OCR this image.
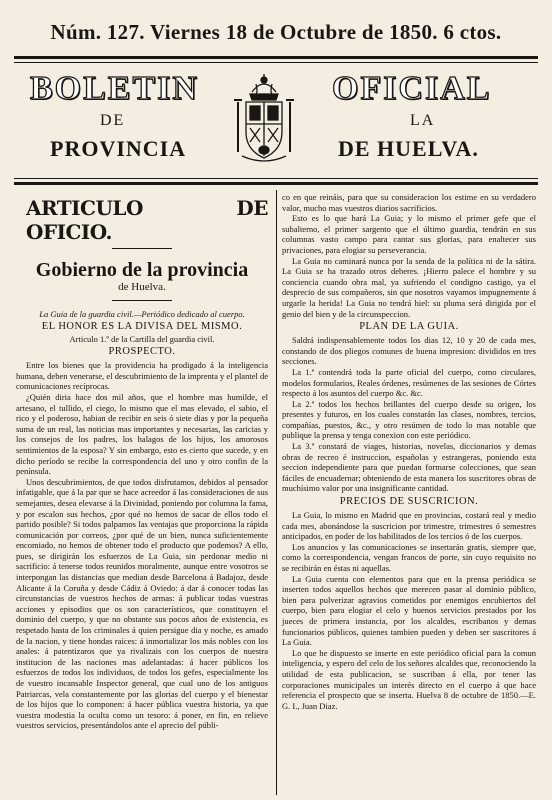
Núm. 127. Viernes 18 de Octubre de 1850. 6 ctos.
BOLETIN	OFICIAL
DE	LA
PROVINCIA	DE HUELVA.
ARTICULO DE OFICIO.
Gobierno de la provincia
de Huelva.

La Guia de la guardia civil.—Periódico dedicado al cuerpo.

EL HONOR ES LA DIVISA DEL MISMO.

Articulo 1.º de la Cartilla del guardia civil.

PROSPECTO.

Entre los bienes que la providencia ha prodigado á la inteligencia humana, deben venerarse, el descubrimiento de la imprenta y el plantel de comunicaciones recíprocas.

¿Quién diria hace dos mil años, que el hombre mas humilde, el artesano, el tullido, el ciego, lo mismo que el mas elevado, el sabio, el rico y el poderoso, habian de recibir en seis ó siete dias y por la pequeña suma de un real, las noticias mas importantes y necesarias, las caricias y los consejos de los padres, los halagos de los hijos, los amorosos sentimientos de la esposa? Y sin embargo, esto es cierto que sucede, y en dicho período se recibe la correspondencia del uno y otro confin de la península.

Unos descubrimientos, de que todos disfrutamos, debidos al pensador infatigable, que á la par que se hace acreedor á las consideraciones de sus semejantes, desea elevarse á la Divinidad, poniendo por columna la fama, y por escalon sus hechos, ¿por qué no hemos de sacar de ellos todo el partido posible? Si todos palpamos las ventajas que proporciona la rápida comunicación por correos, ¿por qué de un bien, nunca suficientemente encomiado, no hemos de obtener todo el producto que podemos? A ello, pues, se dirigirán los esfuerzos de La Guia, sin perdonar medio ni sacrificio: á tenerse todos reunidos moralmente, aunque entre vosotros se interpongan las distancias que median desde Barcelona á Badajoz, desde Alicante á la Coruña y desde Cádiz á Oviedo: á dar á conocer todas las circunstancias de vuestros hechos de armas: á publicar todas vuestras acciones y episodios que os son característicos, que constituyen el dominio del cuerpo, y que no obstante sus pocos años de existencia, es respetado hasta de los criminales á quien persigue dia y noche, es amado de la nacion, y tiene hondas raíces: á inmortalizar los más nobles con los anales: á patentizaros que ya rivalizais con los cuerpos de nuestra institucion de las naciones mas adelantadas: á hacer públicos los esfuerzos de todos los individuos, de todos los gefes, especialmente los de vuestro incansable Inspector general, que cual uno de los antiguos Patriarcas, vela constantemente por las glorias del cuerpo y el bienestar de los hijos que lo componen: á hacer pública vuestra historia, ya que vuestra modestia la oculta como un tesoro: á poner, en fin, en relieve vuestros servicios, presentándolos ante el aprecio del públi-

co en que reináis, para que su consideracion los estime en su verdadero valor, mucho mas vuestros diarios sacrificios.

Esto es lo que hará La Guia; y lo mismo el primer gefe que el subalterno, el primer sargento que el último guardia, tendrán en sus columnas vasto campo para cantar sus glorias, para enaltecer sus privaciones, para elogiar su perseverancia.

La Guia no caminará nunca por la senda de la política ni de la sátira. La Guia se ha trazado otros deberes. ¡Hierro palece el hombre y su conciencia cuando obra mal, ya sufriendo el condigno castigo, ya el desprecio de sus compañeros, sin que nosotros vayamos impugnemente á urgarle la herida! La Guia no tendrá hiel: su pluma será dirigida por el genio del bien y de la circunspeccion.

PLAN DE LA GUIA.

Saldrá indispensablemente todos los dias 12, 10 y 20 de cada mes, constando de dos pliegos comunes de buena impresion: divididos en tres secciones.

La 1.ª contendrá toda la parte oficial del cuerpo, como circulares, modelos formularios, Reales órdenes, resúmenes de las sesiones de Córtes respecto á los asuntos del cuerpo &c. &c.

La 2.ª todos los hechos brillantes del cuerpo desde su origen, los presentes y futuros, en los cuales constarán las clases, nombres, tercios, compañías, puestos, &c., y otro resúmen de todo lo mas notable que publique la prensa y tenga conexion con este periódico.

La 3.ª constará de viages, historias, novelas, diccionarios y demas obras de recreo é instruccion, españolas y estrangeras, poniendo esta seccion independiente para que puedan formarse colecciones, que sean fáciles de encuadernar; obteniendo de esta manera los suscritores obras de muchísimo valor por una insignificante cantidad.

PRECIOS DE SUSCRICION.

La Guia, lo mismo en Madrid que en provincias, costará real y medio cada mes, abonándose la suscricion por trimestre, trimestres ó semestres anticipados, en poder de los habilitados de los tercios ó de los cuerpos.

Los anuncios y las comunicaciones se insertarán gratis, siempre que, como la correspondencia, vengan francos de porte, sin cuyo requisito no se recibirán en éstas ni aquellas.

La Guia cuenta con elementos para que en la prensa periódica se inserten todos aquellos hechos que merecen pasar al dominio público, bien para pulverizar agravios cometidos por enemigos encubiertos del cuerpo, bien para elogiar el celo y buenos servicios prestados por los jueces de primera instancia, por los alcaldes, escribanos y demas funcionarios públicos, quienes tambien pueden y deben ser suscritores á La Guia.

Lo que he dispuesto se inserte en este periódico oficial para la comun inteligencia, y espero del celo de los señores alcaldes que, reconociendo la utilidad de esta publicacion, se suscriban á ella, por tener las corporaciones municipales un interés directo en el cuerpo á que hace referencia el prospecto que se inserta. Huelva 8 de octubre de 1850.—E. G. I., Juan Diaz.
